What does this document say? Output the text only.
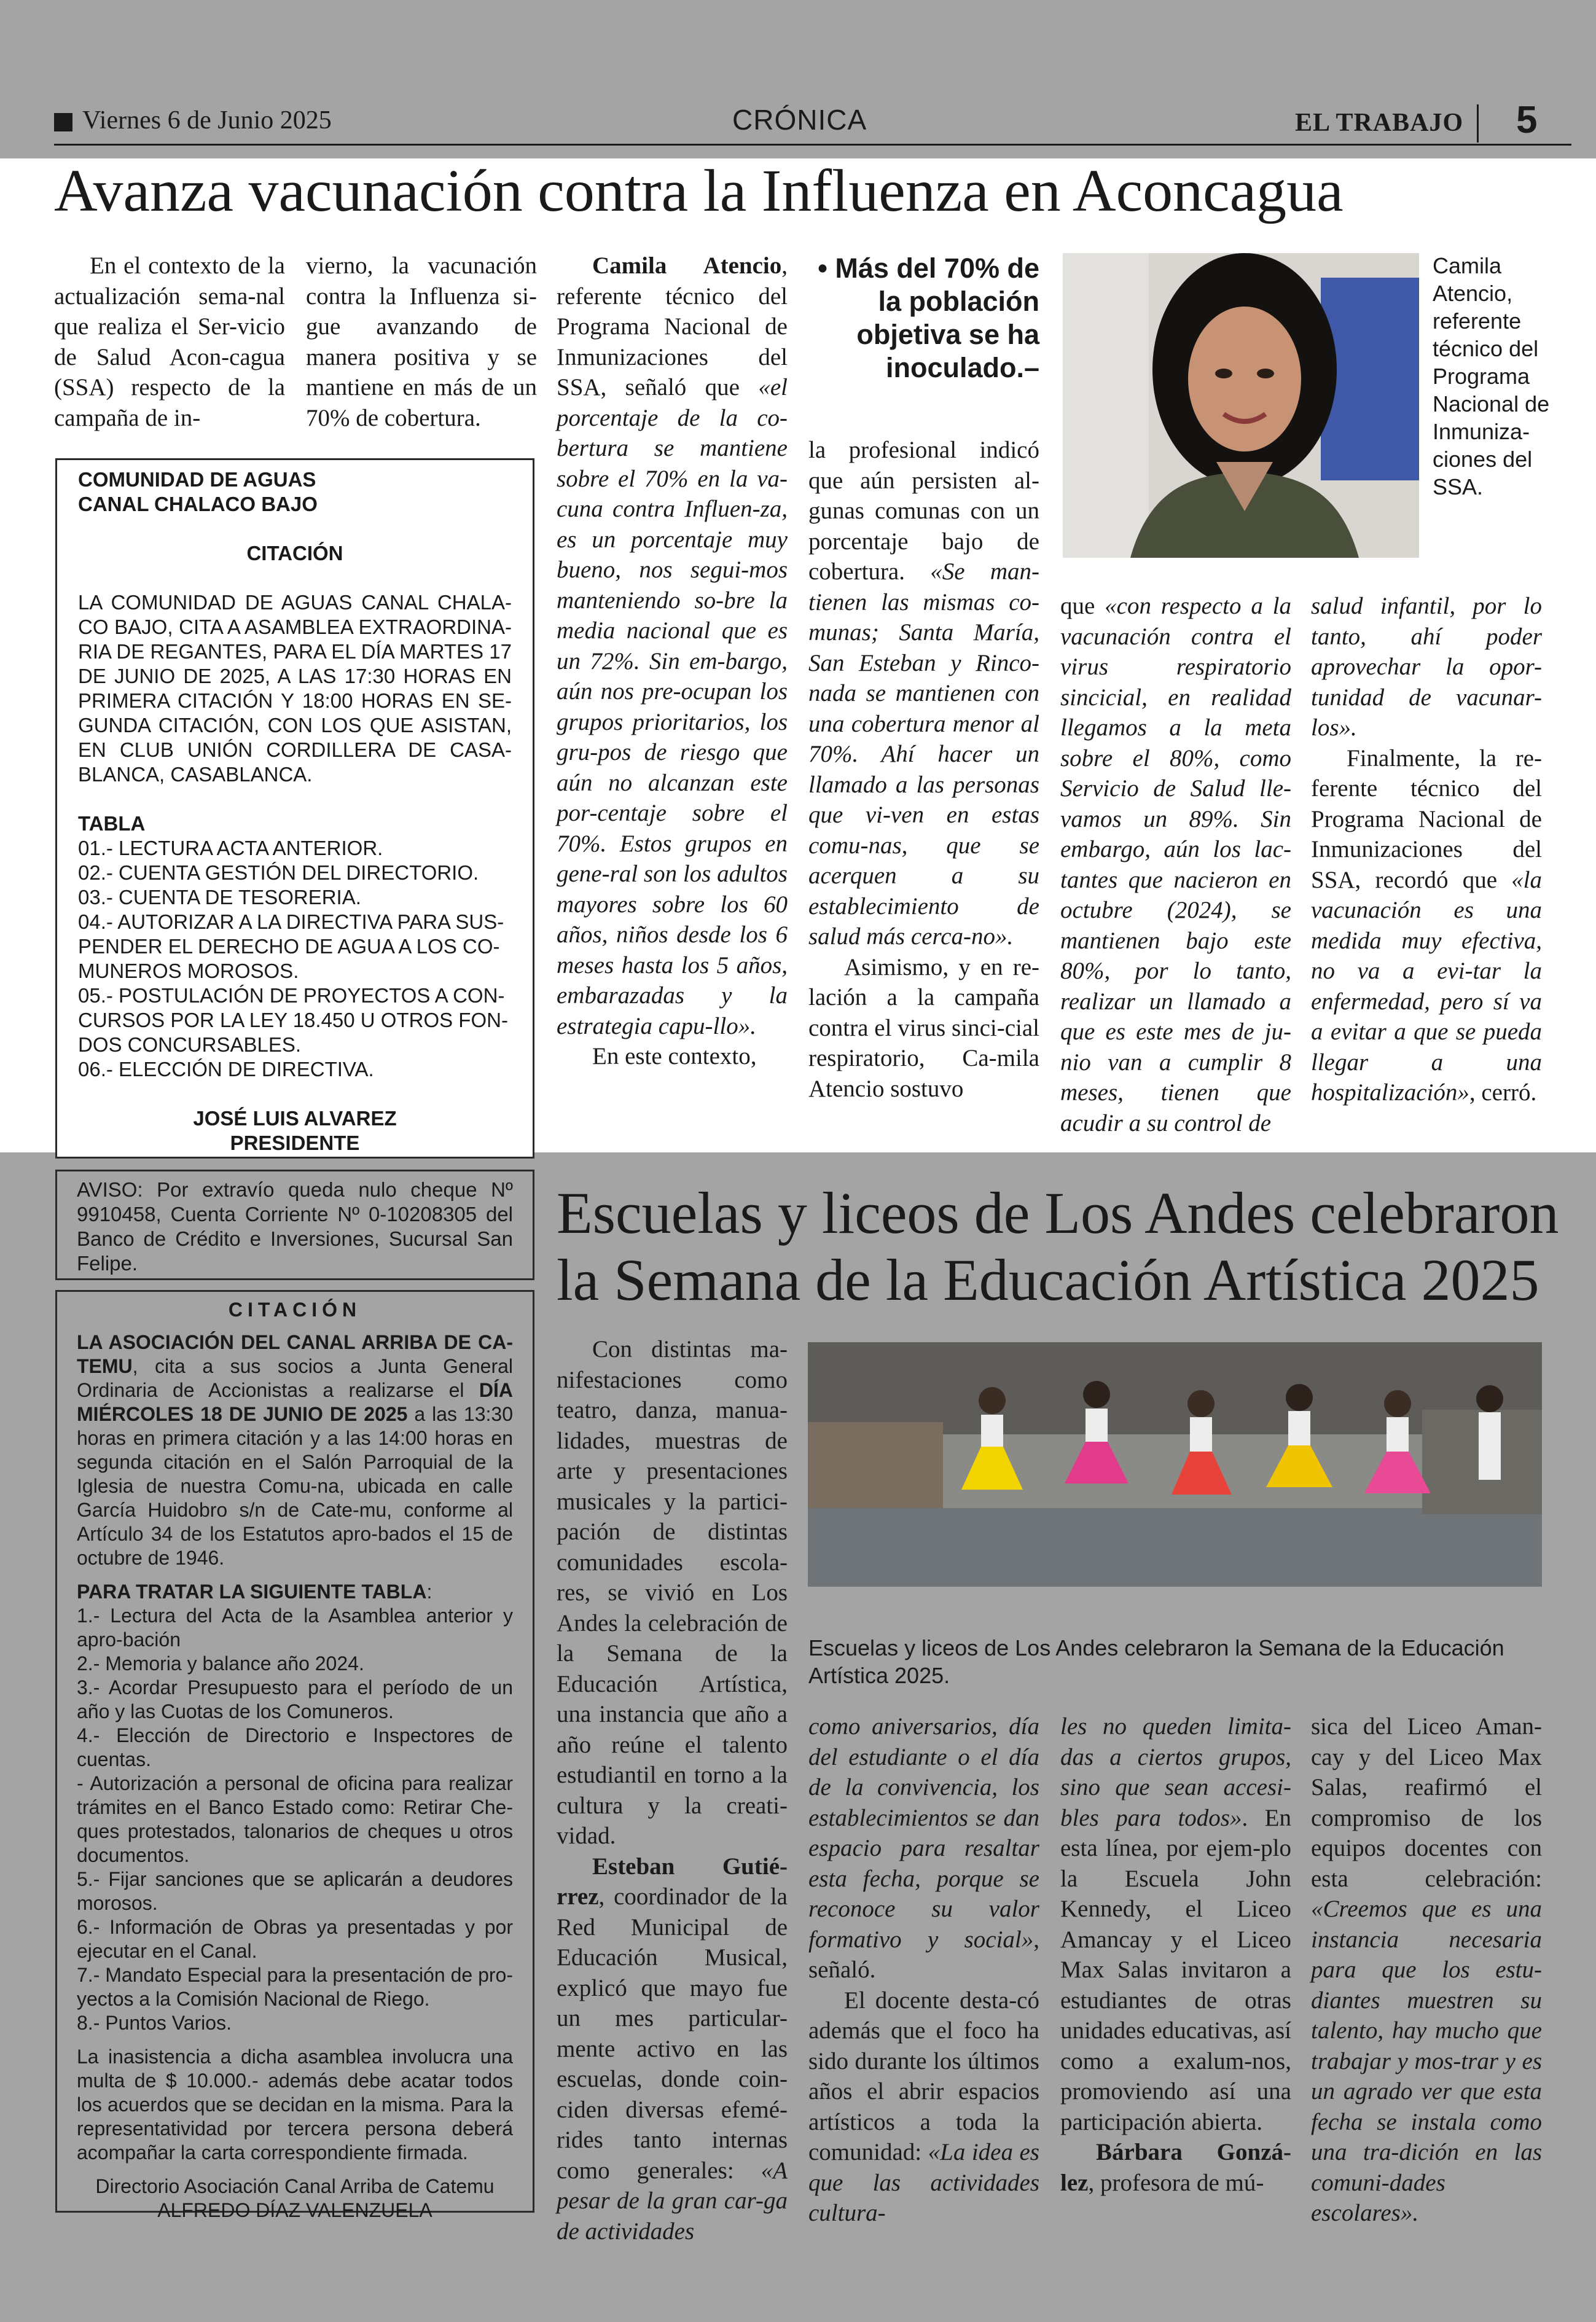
Viernes 6 de Junio 2025	CRÓNICA	EL TRABAJO 5
Avanza vacunación contra la Influenza en Aconcagua

En el contexto de la actualización sema-nal que realiza el Ser-vicio de Salud Acon-cagua (SSA) respecto de la campaña de in-

vierno, la vacunación contra la Influenza si-gue avanzando de manera positiva y se mantiene en más de un 70% de cobertura.

Camila Atencio, referente técnico del Programa Nacional de Inmunizaciones del SSA, señaló que «el porcentaje de la co-bertura se mantiene sobre el 70% en la va-cuna contra Influen-za, es un porcentaje muy bueno, nos segui-mos manteniendo so-bre la media nacional que es un 72%. Sin em-bargo, aún nos pre-ocupan los grupos prioritarios, los gru-pos de riesgo que aún no alcanzan este por-centaje sobre el 70%. Estos grupos en gene-ral son los adultos mayores sobre los 60 años, niños desde los 6 meses hasta los 5 años, embarazadas y la estrategia capu-llo».

En este contexto,

• Más del 70% de la población objetiva se ha inoculado.–

la profesional indicó que aún persisten al-gunas comunas con un porcentaje bajo de cobertura. «Se man-tienen las mismas co-munas; Santa María, San Esteban y Rinco-nada se mantienen con una cobertura menor al 70%. Ahí hacer un llamado a las personas que vi-ven en estas comu-nas, que se acerquen a su establecimiento de salud más cerca-no».

Asimismo, y en re-lación a la campaña contra el virus sinci-cial respiratorio, Ca-mila Atencio sostuvo

Camila Atencio, referente técnico del Programa Nacional de Inmuniza-ciones del SSA.

que «con respecto a la vacunación contra el virus respiratorio sincicial, en realidad llegamos a la meta sobre el 80%, como Servicio de Salud lle-vamos un 89%. Sin embargo, aún los lac-tantes que nacieron en octubre (2024), se mantienen bajo este 80%, por lo tanto, realizar un llamado a que es este mes de ju-nio van a cumplir 8 meses, tienen que acudir a su control de

salud infantil, por lo tanto, ahí poder aprovechar la opor-tunidad de vacunar-los».

Finalmente, la re-ferente técnico del Programa Nacional de Inmunizaciones del SSA, recordó que «la vacunación es una medida muy efectiva, no va a evi-tar la enfermedad, pero sí va a evitar a que se pueda llegar a una hospitalización», cerró.

COMUNIDAD DE AGUAS
CANAL CHALACO BAJO
CITACIÓN
LA COMUNIDAD DE AGUAS CANAL CHALA-CO BAJO, CITA A ASAMBLEA EXTRAORDINA-RIA DE REGANTES, PARA EL DÍA MARTES 17 DE JUNIO DE 2025, A LAS 17:30 HORAS EN PRIMERA CITACIÓN Y 18:00 HORAS EN SE-GUNDA CITACIÓN, CON LOS QUE ASISTAN, EN CLUB UNIÓN CORDILLERA DE CASA-BLANCA, CASABLANCA.
TABLA
01.- LECTURA ACTA ANTERIOR.
02.- CUENTA GESTIÓN DEL DIRECTORIO.
03.- CUENTA DE TESORERIA.
04.- AUTORIZAR A LA DIRECTIVA PARA SUS-PENDER EL DERECHO DE AGUA A LOS CO-MUNEROS MOROSOS.
05.- POSTULACIÓN DE PROYECTOS A CON-CURSOS POR LA LEY 18.450 U OTROS FON-DOS CONCURSABLES.
06.- ELECCIÓN DE DIRECTIVA.
JOSÉ LUIS ALVAREZ
PRESIDENTE
AVISO: Por extravío queda nulo cheque Nº 9910458, Cuenta Corriente Nº 0-10208305 del Banco de Crédito e Inversiones, Sucursal San Felipe.
CITACIÓN
LA ASOCIACIÓN DEL CANAL ARRIBA DE CA-TEMU, cita a sus socios a Junta General Ordinaria de Accionistas a realizarse el DÍA MIÉRCOLES 18 DE JUNIO DE 2025 a las 13:30 horas en primera citación y a las 14:00 horas en segunda citación en el Salón Parroquial de la Iglesia de nuestra Comu-na, ubicada en calle García Huidobro s/n de Cate-mu, conforme al Artículo 34 de los Estatutos apro-bados el 15 de octubre de 1946.
PARA TRATAR LA SIGUIENTE TABLA:
1.- Lectura del Acta de la Asamblea anterior y apro-bación
2.- Memoria y balance año 2024.
3.- Acordar Presupuesto para el período de un año y las Cuotas de los Comuneros.
4.- Elección de Directorio e Inspectores de cuentas.
- Autorización a personal de oficina para realizar trámites en el Banco Estado como: Retirar Che-ques protestados, talonarios de cheques u otros documentos.
5.- Fijar sanciones que se aplicarán a deudores morosos.
6.- Información de Obras ya presentadas y por ejecutar en el Canal.
7.- Mandato Especial para la presentación de pro-yectos a la Comisión Nacional de Riego.
8.- Puntos Varios.
La inasistencia a dicha asamblea involucra una multa de $ 10.000.- además debe acatar todos los acuerdos que se decidan en la misma. Para la representatividad por tercera persona deberá acompañar la carta correspondiente firmada.
Directorio Asociación Canal Arriba de Catemu
ALFREDO DÍAZ VALENZUELA
Escuelas y liceos de Los Andes celebraron la Semana de la Educación Artística 2025

Con distintas ma-nifestaciones como teatro, danza, manua-lidades, muestras de arte y presentaciones musicales y la partici-pación de distintas comunidades escola-res, se vivió en Los Andes la celebración de la Semana de la Educación Artística, una instancia que año a año reúne el talento estudiantil en torno a la cultura y la creati-vidad.

Esteban Gutié-rrez, coordinador de la Red Municipal de Educación Musical, explicó que mayo fue un mes particular-mente activo en las escuelas, donde coin-ciden diversas efemé-rides tanto internas como generales: «A pesar de la gran car-ga de actividades

Escuelas y liceos de Los Andes celebraron la Semana de la Educación Artística 2025.

como aniversarios, día del estudiante o el día de la convivencia, los establecimientos se dan espacio para resaltar esta fecha, porque se reconoce su valor formativo y social», señaló.

El docente desta-có además que el foco ha sido durante los últimos años el abrir espacios artísticos a toda la comunidad: «La idea es que las actividades cultura-

les no queden limita-das a ciertos grupos, sino que sean accesi-bles para todos». En esta línea, por ejem-plo la Escuela John Kennedy, el Liceo Amancay y el Liceo Max Salas invitaron a estudiantes de otras unidades educativas, así como a exalum-nos, promoviendo así una participación abierta.

Bárbara Gonzá-lez, profesora de mú-

sica del Liceo Aman-cay y del Liceo Max Salas, reafirmó el compromiso de los equipos docentes con esta celebración: «Creemos que es una instancia necesaria para que los estu-diantes muestren su talento, hay mucho que trabajar y mos-trar y es un agrado ver que esta fecha se instala como una tra-dición en las comuni-dades escolares».
